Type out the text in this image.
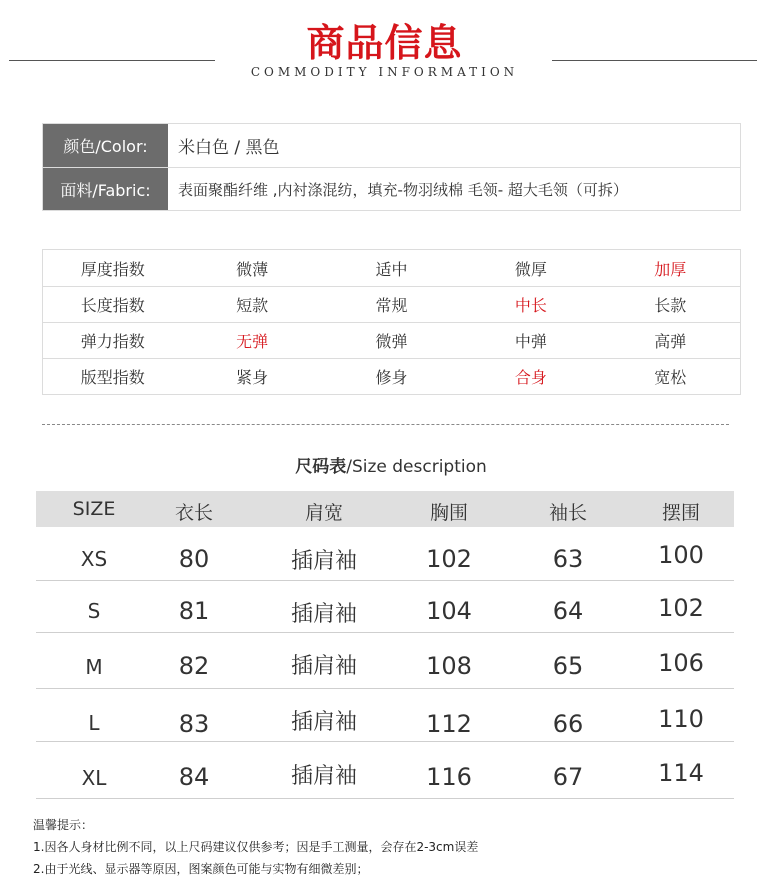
商品信息
COMMODITY INFORMATION
颜色/Color:	米白色 / 黑色
面料/Fabric:	表面聚酯纤维 ,内衬涤混纺，填充-物羽绒棉 毛领- 超大毛领（可拆）
厚度指数	微薄	适中	微厚	加厚
长度指数	短款	常规	中长	长款
弹力指数	无弹	微弹	中弹	高弹
版型指数	紧身	修身	合身	宽松
尺码表/Size description
SIZE	衣长	肩宽	胸围	袖长	摆围
XS	80	插肩袖	102	63	100
S	81	插肩袖	104	64	102
M	82	插肩袖	108	65	106
L	83	插肩袖	112	66	110
XL	84	插肩袖	116	67	114
温馨提示：
1.因各人身材比例不同，以上尺码建议仅供参考；因是手工测量，会存在2-3cm误差
2.由于光线、显示器等原因，图案颜色可能与实物有细微差别；
